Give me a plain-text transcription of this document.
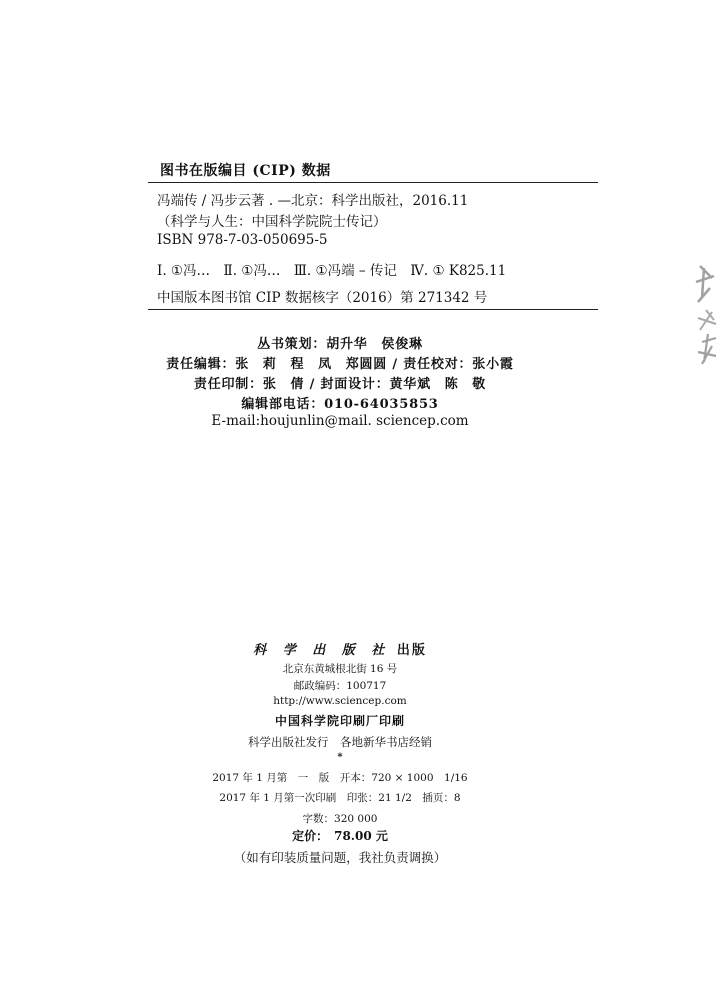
图书在版编目 (CIP) 数据
冯端传 / 冯步云著 . —北京：科学出版社，2016.11
（科学与人生：中国科学院院士传记）
ISBN 978-7-03-050695-5
Ⅰ. ①冯…　Ⅱ. ①冯…　Ⅲ. ①冯端 – 传记　Ⅳ. ① K825.11
中国版本图书馆 CIP 数据核字（2016）第 271342 号
丛书策划：胡升华　侯俊琳
责任编辑：张　莉　程　凤　郑圆圆 / 责任校对：张小霞
责任印制：张　倩 / 封面设计：黄华斌　陈　敬
编辑部电话：010-64035853
E-mail:houjunlin@mail. sciencep.com
科 学 出 版 社 出版
北京东黄城根北街 16 号
邮政编码：100717
http://www.sciencep.com
中国科学院印刷厂印刷
科学出版社发行　各地新华书店经销
*
2017 年 1 月第　一　版　开本：720 × 1000　1/16
2017 年 1 月第一次印刷　印张：21 1/2　插页：8
字数：320 000
定价：　78.00 元
（如有印装质量问题，我社负责调换）
